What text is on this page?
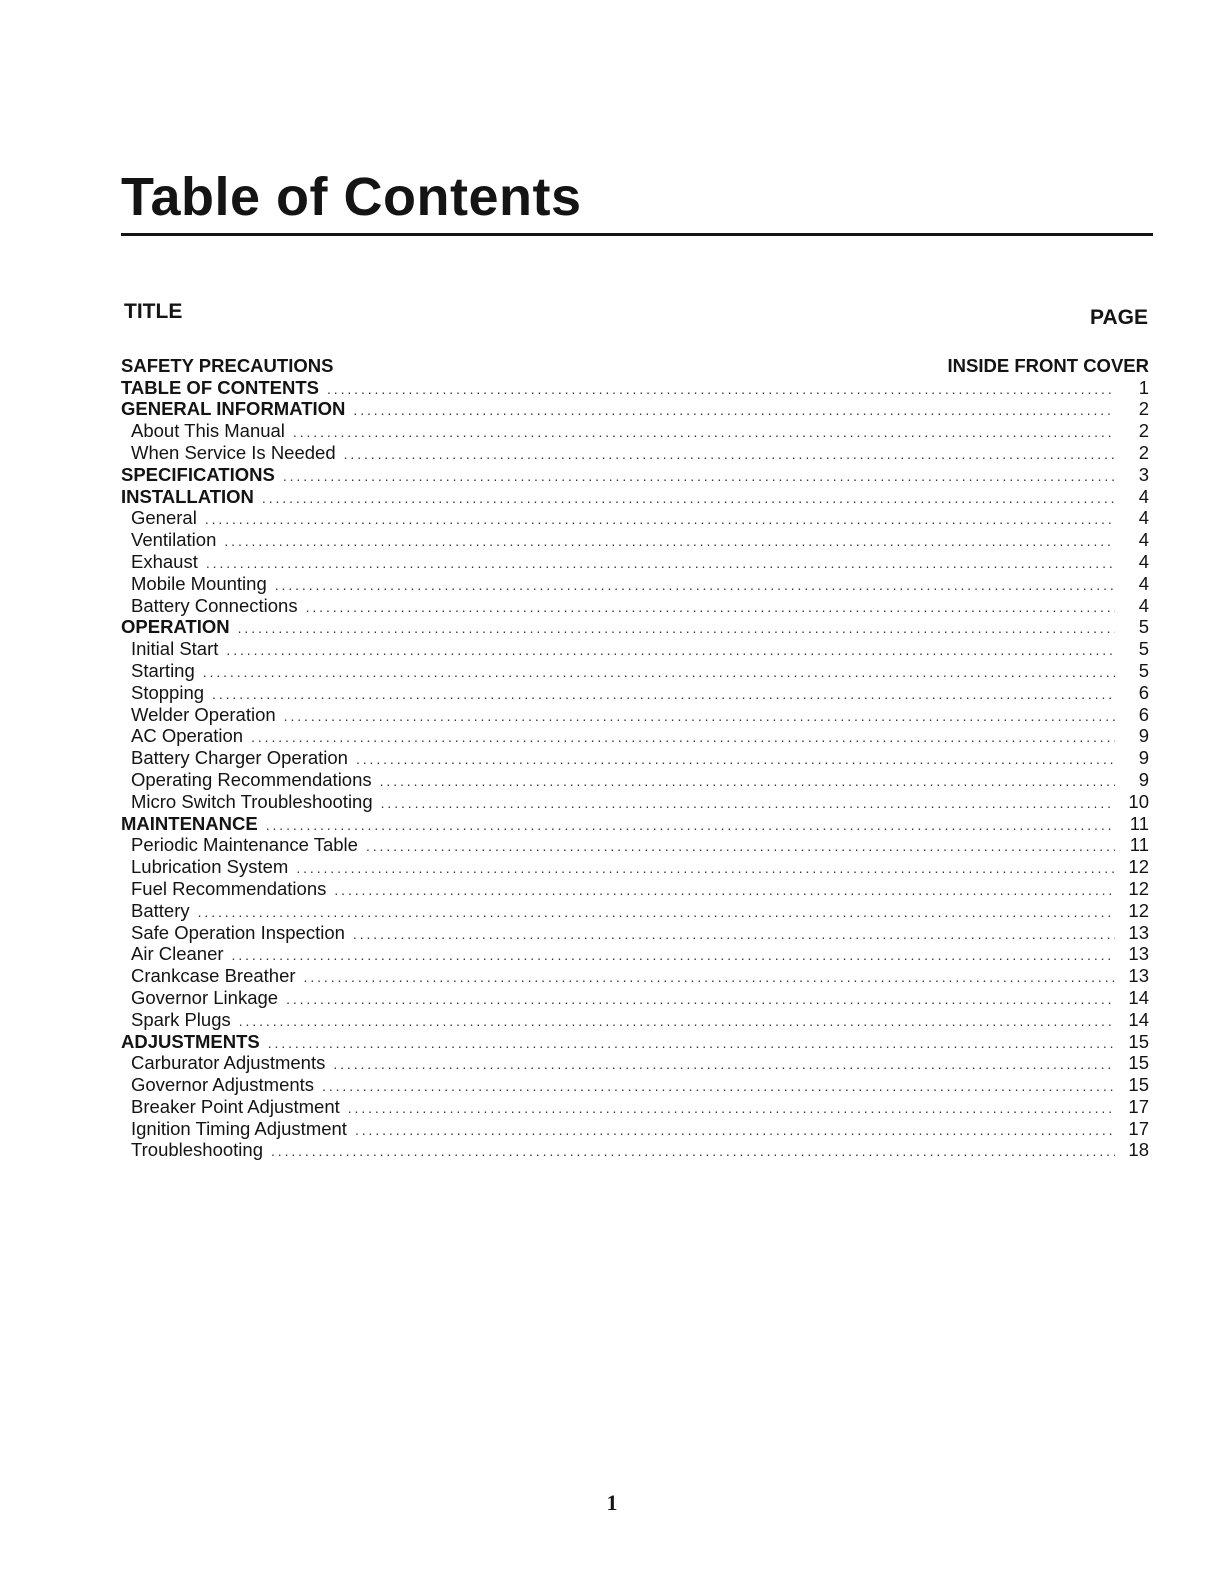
Table of Contents
TITLE	PAGE
SAFETY PRECAUTIONS	INSIDE FRONT COVER
TABLE OF CONTENTS .....	1
GENERAL INFORMATION .....	2
About This Manual .....	2
When Service Is Needed .....	2
SPECIFICATIONS .....	3
INSTALLATION .....	4
General .....	4
Ventilation .....	4
Exhaust .....	4
Mobile Mounting .....	4
Battery Connections .....	4
OPERATION .....	5
Initial Start .....	5
Starting .....	5
Stopping .....	6
Welder Operation .....	6
AC Operation .....	9
Battery Charger Operation .....	9
Operating Recommendations .....	9
Micro Switch Troubleshooting .....	10
MAINTENANCE .....	11
Periodic Maintenance Table .....	11
Lubrication System .....	12
Fuel Recommendations .....	12
Battery .....	12
Safe Operation Inspection .....	13
Air Cleaner .....	13
Crankcase Breather .....	13
Governor Linkage .....	14
Spark Plugs .....	14
ADJUSTMENTS .....	15
Carburator Adjustments .....	15
Governor Adjustments .....	15
Breaker Point Adjustment .....	17
Ignition Timing Adjustment .....	17
Troubleshooting .....	18
1
